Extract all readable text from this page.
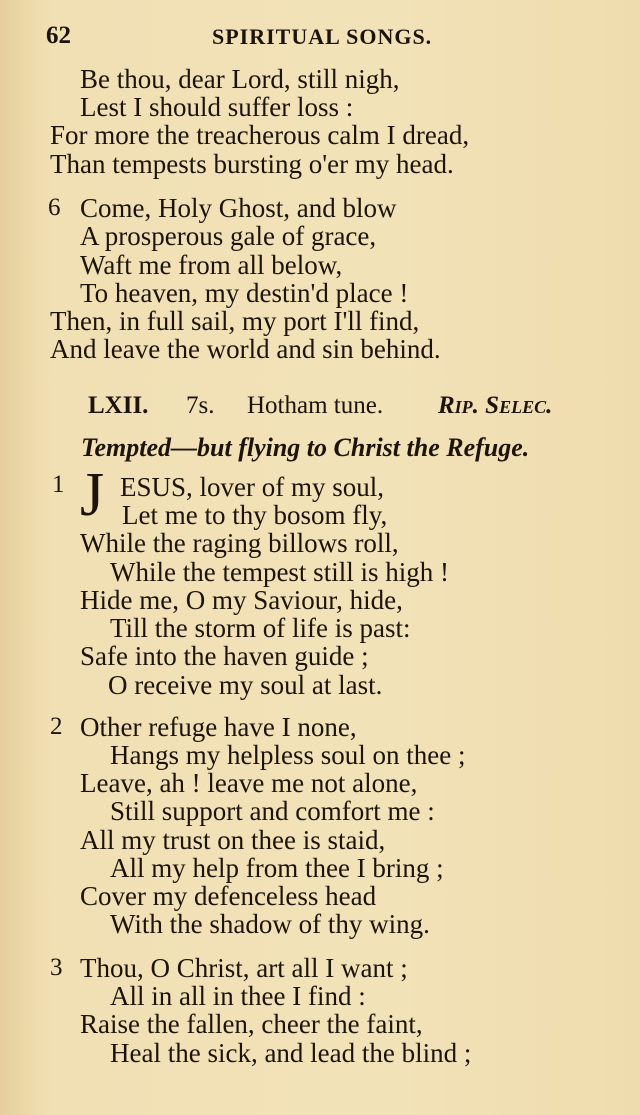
62	SPIRITUAL SONGS.
Be thou, dear Lord, still nigh,
Lest I should suffer loss :
For more the treacherous calm I dread,
Than tempests bursting o'er my head.
6 Come, Holy Ghost, and blow
A prosperous gale of grace,
Waft me from all below,
To heaven, my destin'd place !
Then, in full sail, my port I'll find,
And leave the world and sin behind.
LXII. 7s. Hotham tune. Rip. Selec.
Tempted—but flying to Christ the Refuge.
1 J ESUS, lover of my soul,
Let me to thy bosom fly,
While the raging billows roll,
While the tempest still is high !
Hide me, O my Saviour, hide,
Till the storm of life is past:
Safe into the haven guide ;
O receive my soul at last.
2 Other refuge have I none,
Hangs my helpless soul on thee ;
Leave, ah ! leave me not alone,
Still support and comfort me :
All my trust on thee is staid,
All my help from thee I bring ;
Cover my defenceless head
With the shadow of thy wing.
3 Thou, O Christ, art all I want ;
All in all in thee I find :
Raise the fallen, cheer the faint,
Heal the sick, and lead the blind ;
